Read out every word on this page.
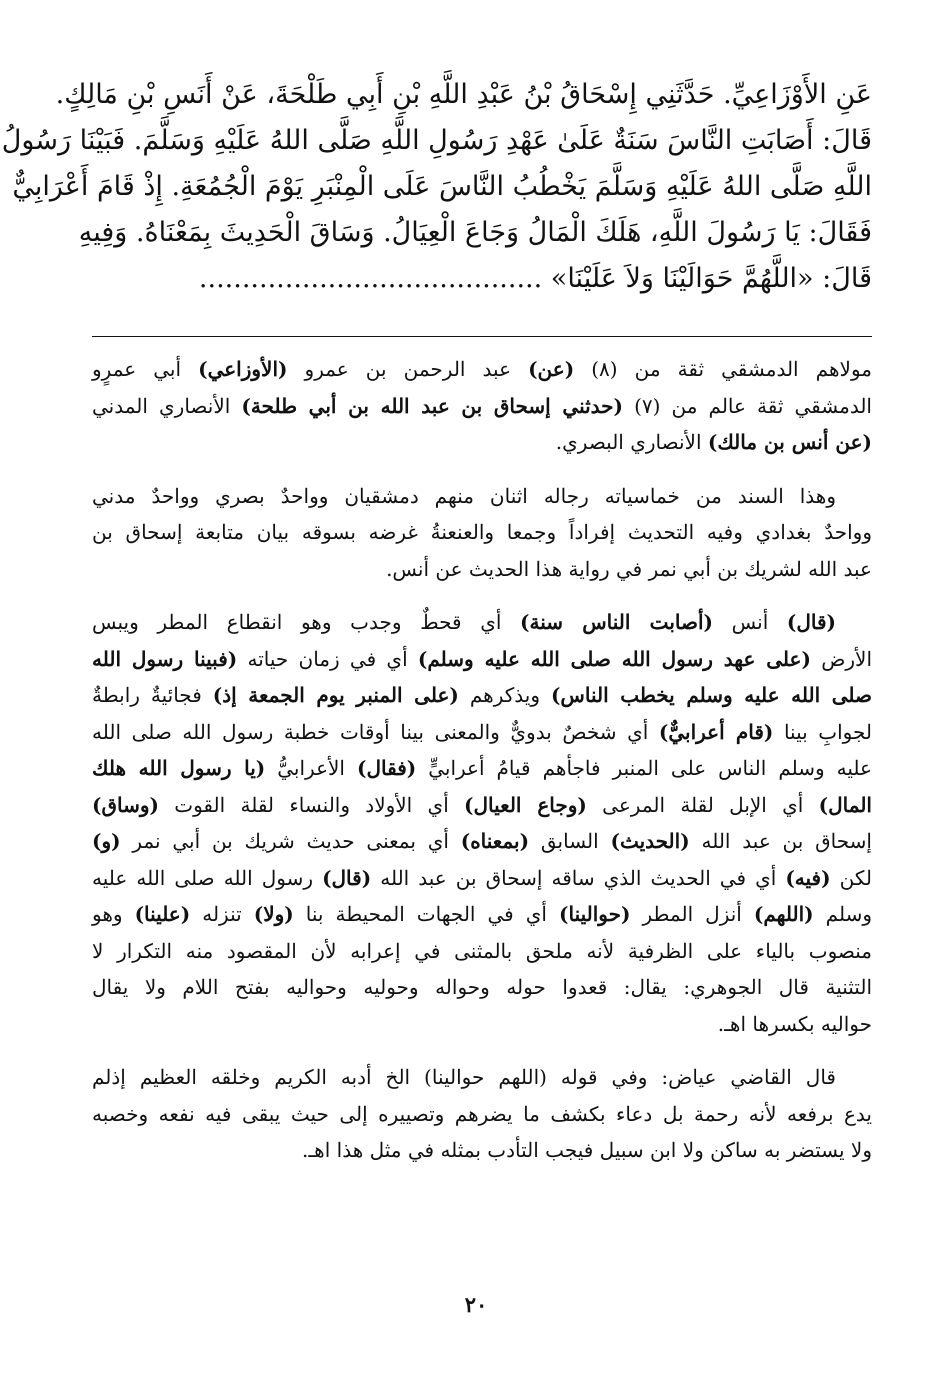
عَنِ الأَوْزَاعِيِّ. حَدَّثَنِي إِسْحَاقُ بْنُ عَبْدِ اللَّهِ بْنِ أَبِي طَلْحَةَ، عَنْ أَنَسِ بْنِ مَالِكٍ.
قَالَ: أَصَابَتِ النَّاسَ سَنَةٌ عَلَىٰ عَهْدِ رَسُولِ اللَّهِ صَلَّى اللهُ عَلَيْهِ وَسَلَّمَ. فَبَيْنَا رَسُولُ
اللَّهِ صَلَّى اللهُ عَلَيْهِ وَسَلَّمَ يَخْطُبُ النَّاسَ عَلَى الْمِنْبَرِ يَوْمَ الْجُمُعَةِ. إِذْ قَامَ أَعْرَابِيٌّ
فَقَالَ: يَا رَسُولَ اللَّهِ، هَلَكَ الْمَالُ وَجَاعَ الْعِيَالُ. وَسَاقَ الْحَدِيثَ بِمَعْنَاهُ. وَفِيهِ
قَالَ: «اللَّهُمَّ حَوَالَيْنَا وَلاَ عَلَيْنَا» ........................................
مولاهم الدمشقي ثقة من (٨) (عن) عبد الرحمن بن عمرو (الأوزاعي) أبي عمرٍو
الدمشقي ثقة عالم من (٧) (حدثني إسحاق بن عبد الله بن أبي طلحة) الأنصاري المدني
(عن أنس بن مالك) الأنصاري البصري.
وهذا السند من خماسياته رجاله اثنان منهم دمشقيان وواحدٌ بصري وواحدٌ مدني
وواحدٌ بغدادي وفيه التحديث إفراداً وجمعا والعنعنةُ غرضه بسوقه بيان متابعة إسحاق بن
عبد الله لشريك بن أبي نمر في رواية هذا الحديث عن أنس.
(قال) أنس (أصابت الناس سنة) أي قحطٌ وجدب وهو انقطاع المطر ويبس
الأرض (على عهد رسول الله صلى الله عليه وسلم) أي في زمان حياته (فبينا رسول الله
صلى الله عليه وسلم يخطب الناس) ويذكرهم (على المنبر يوم الجمعة إذ) فجائيةٌ رابطةٌ
لجوابِ بينا (قام أعرابيٌّ) أي شخصٌ بدويٌّ والمعنى بينا أوقات خطبة رسول الله صلى الله
عليه وسلم الناس على المنبر فاجأهم قيامُ أعرابيٍّ (فقال) الأعرابيُّ (يا رسول الله هلك
المال) أي الإبل لقلة المرعى (وجاع العيال) أي الأولاد والنساء لقلة القوت (وساق)
إسحاق بن عبد الله (الحديث) السابق (بمعناه) أي بمعنى حديث شريك بن أبي نمر (و)
لكن (فيه) أي في الحديث الذي ساقه إسحاق بن عبد الله (قال) رسول الله صلى الله عليه
وسلم (اللهم) أنزل المطر (حوالينا) أي في الجهات المحيطة بنا (ولا) تنزله (علينا) وهو
منصوب بالياء على الظرفية لأنه ملحق بالمثنى في إعرابه لأن المقصود منه التكرار لا
التثنية قال الجوهري: يقال: قعدوا حوله وحواله وحوليه وحواليه بفتح اللام ولا يقال
حواليه بكسرها اهـ.
قال القاضي عياض: وفي قوله (اللهم حوالينا) الخ أدبه الكريم وخلقه العظيم إذلم
يدع برفعه لأنه رحمة بل دعاء بكشف ما يضرهم وتصييره إلى حيث يبقى فيه نفعه وخصبه
ولا يستضر به ساكن ولا ابن سبيل فيجب التأدب بمثله في مثل هذا اهـ.
٢٠
